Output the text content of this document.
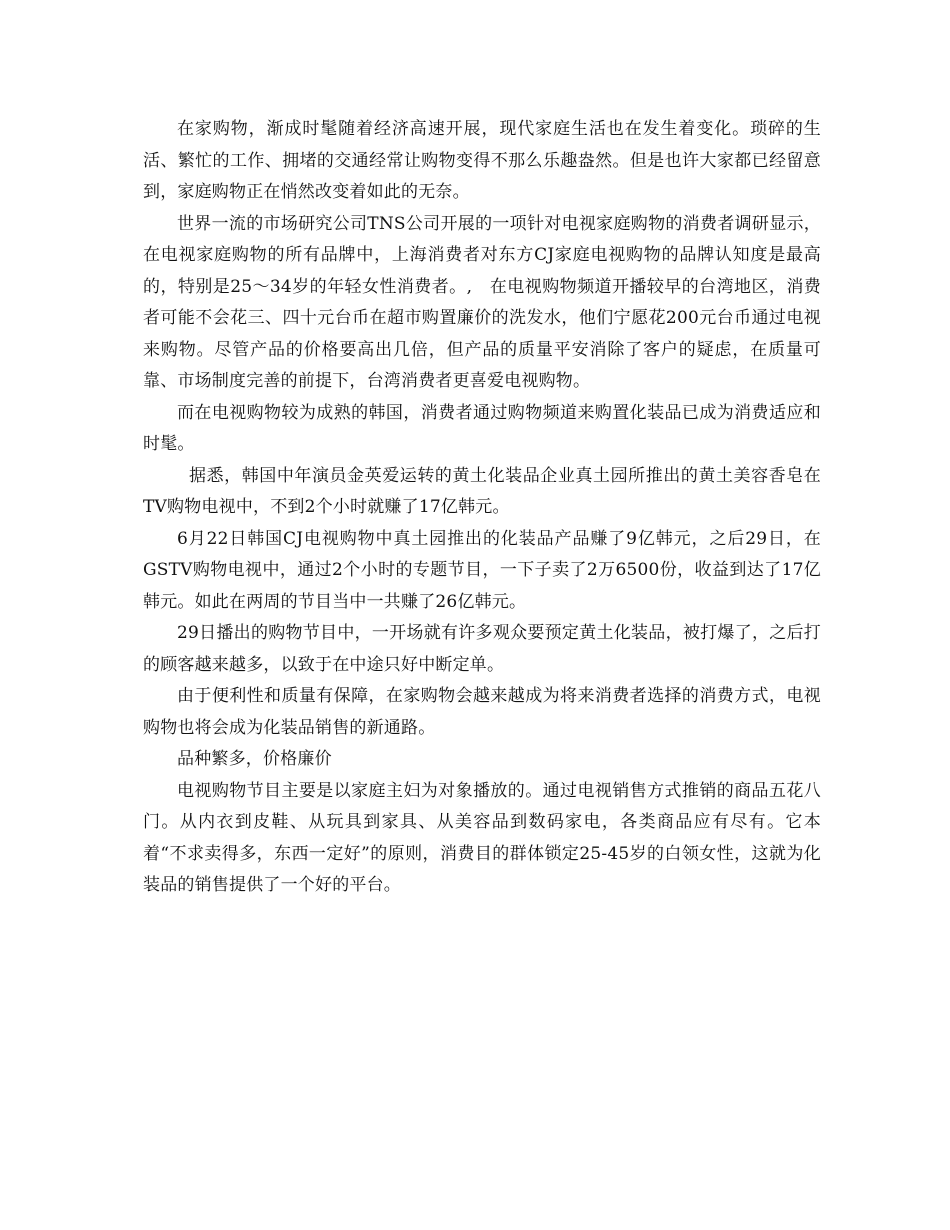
在家购物，渐成时髦随着经济高速开展，现代家庭生活也在发生着变化。琐碎的生活、繁忙的工作、拥堵的交通经常让购物变得不那么乐趣盎然。但是也许大家都已经留意到，家庭购物正在悄然改变着如此的无奈。

世界一流的市场研究公司TNS公司开展的一项针对电视家庭购物的消费者调研显示，在电视家庭购物的所有品牌中，上海消费者对东方CJ家庭电视购物的品牌认知度是最高的，特别是25～34岁的年轻女性消费者。,　在电视购物频道开播较早的台湾地区，消费者可能不会花三、四十元台币在超市购置廉价的洗发水，他们宁愿花200元台币通过电视来购物。尽管产品的价格要高出几倍，但产品的质量平安消除了客户的疑虑，在质量可靠、市场制度完善的前提下，台湾消费者更喜爱电视购物。

而在电视购物较为成熟的韩国，消费者通过购物频道来购置化装品已成为消费适应和时髦。

据悉，韩国中年演员金英爱运转的黄土化装品企业真土园所推出的黄土美容香皂在TV购物电视中，不到2个小时就赚了17亿韩元。

6月22日韩国CJ电视购物中真土园推出的化装品产品赚了9亿韩元，之后29日，在GSTV购物电视中，通过2个小时的专题节目，一下子卖了2万6500份，收益到达了17亿韩元。如此在两周的节目当中一共赚了26亿韩元。

29日播出的购物节目中，一开场就有许多观众要预定黄土化装品，被打爆了，之后打的顾客越来越多，以致于在中途只好中断定单。

由于便利性和质量有保障，在家购物会越来越成为将来消费者选择的消费方式，电视购物也将会成为化装品销售的新通路。

品种繁多，价格廉价

电视购物节目主要是以家庭主妇为对象播放的。通过电视销售方式推销的商品五花八门。从内衣到皮鞋、从玩具到家具、从美容品到数码家电，各类商品应有尽有。它本着“不求卖得多，东西一定好”的原则，消费目的群体锁定25-45岁的白领女性，这就为化装品的销售提供了一个好的平台。
